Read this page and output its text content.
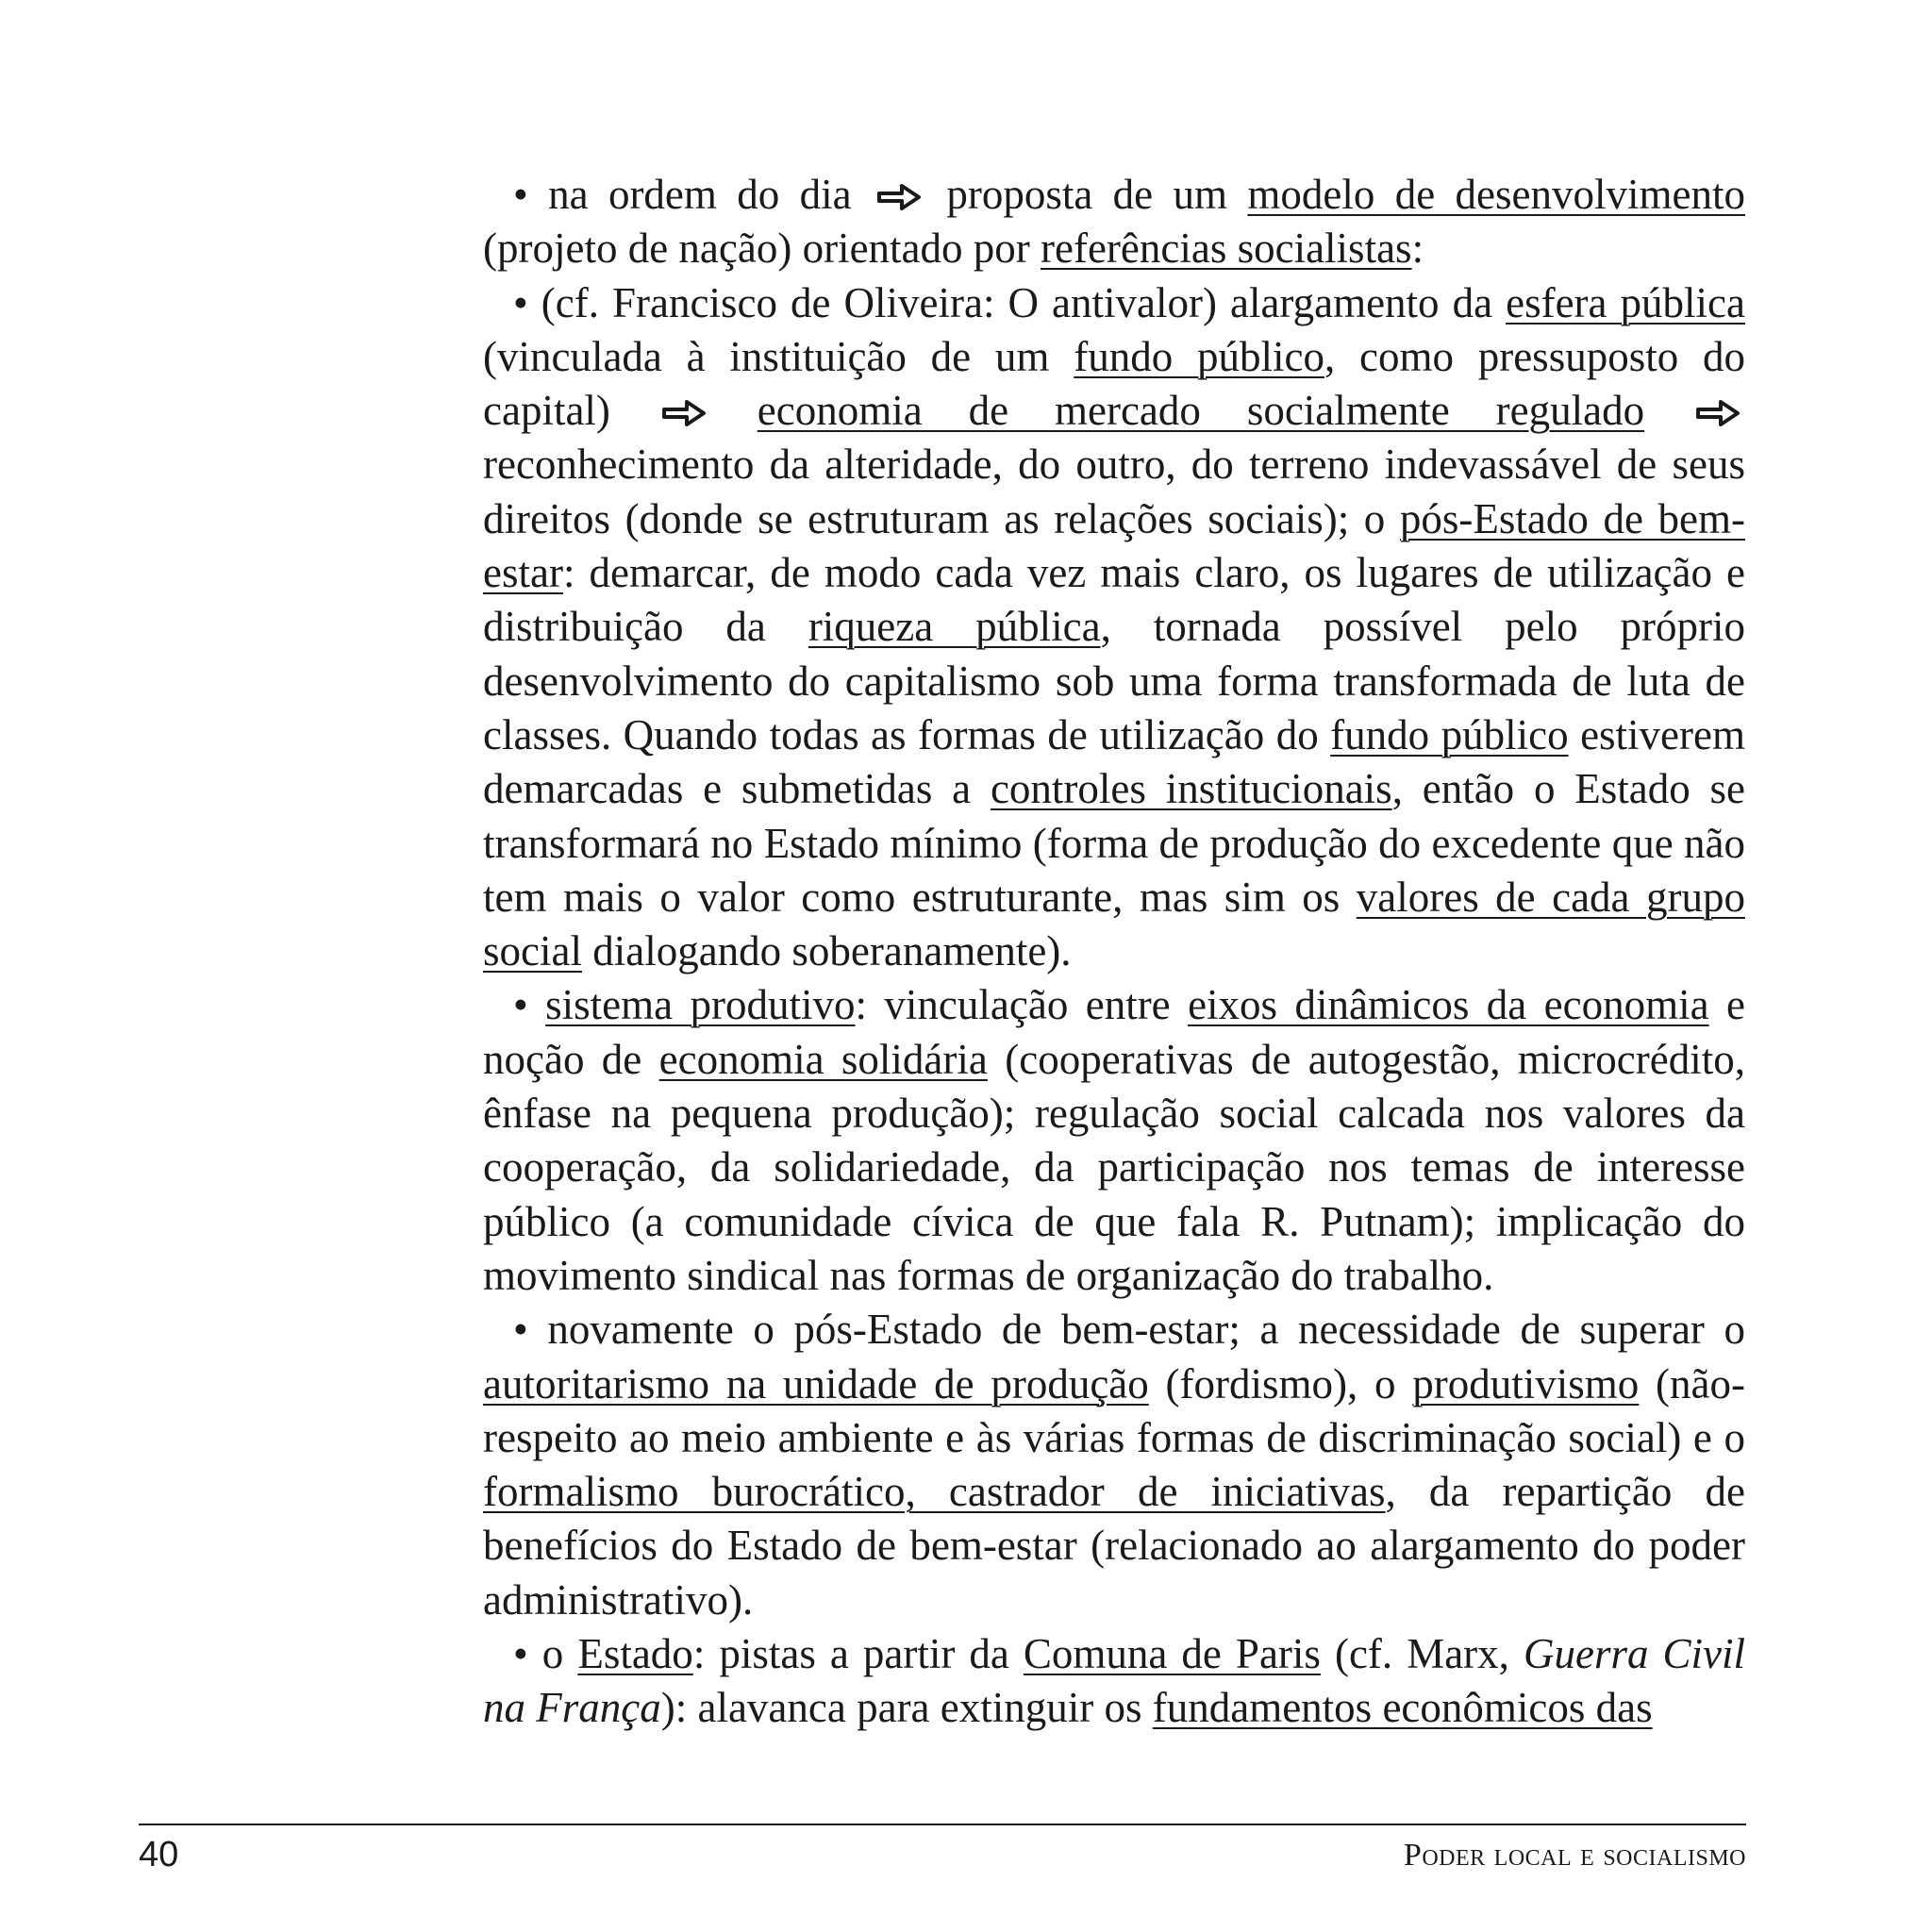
• na ordem do dia  proposta de um modelo de desenvolvimento (projeto de nação) orientado por referências socialistas:

• (cf. Francisco de Oliveira: O antivalor) alargamento da esfera pública (vinculada à instituição de um fundo público, como pressuposto do capital)  economia de mercado socialmente regulado  reconhecimento da alteridade, do outro, do terreno indevassável de seus direitos (donde se estruturam as relações sociais); o pós-Estado de bem-estar: demarcar, de modo cada vez mais claro, os lugares de utilização e distribuição da riqueza pública, tornada possível pelo próprio desenvolvimento do capitalismo sob uma forma transformada de luta de classes. Quando todas as formas de utilização do fundo público estiverem demarcadas e submetidas a controles institucionais, então o Estado se transformará no Estado mínimo (forma de produção do excedente que não tem mais o valor como estruturante, mas sim os valores de cada grupo social dialogando soberanamente).

• sistema produtivo: vinculação entre eixos dinâmicos da economia e noção de economia solidária (cooperativas de autogestão, microcrédito, ênfase na pequena produção); regulação social calcada nos valores da cooperação, da solidariedade, da participação nos temas de interesse público (a comunidade cívica de que fala R. Putnam); implicação do movimento sindical nas formas de organização do trabalho.

• novamente o pós-Estado de bem-estar; a necessidade de superar o autoritarismo na unidade de produção (fordismo), o produtivismo (não-respeito ao meio ambiente e às várias formas de discriminação social) e o formalismo burocrático, castrador de iniciativas, da repartição de benefícios do Estado de bem-estar (relacionado ao alargamento do poder administrativo).

• o Estado: pistas a partir da Comuna de Paris (cf. Marx, Guerra Civil na França): alavanca para extinguir os fundamentos econômicos das

40	Poder local e socialismo
